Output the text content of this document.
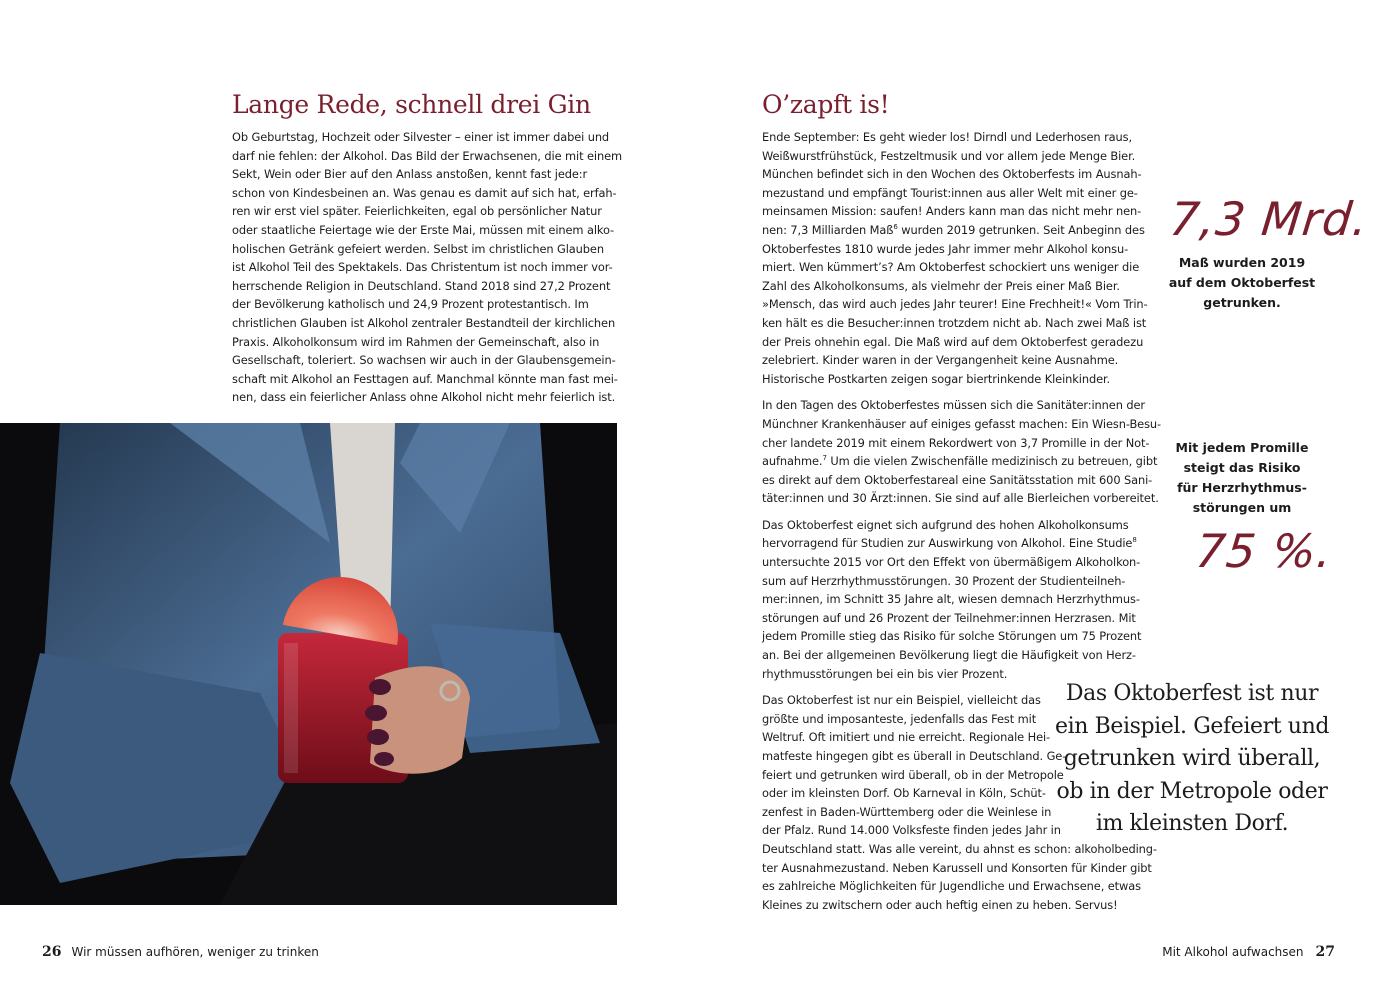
Lange Rede, schnell drei Gin
Ob Geburtstag, Hochzeit oder Silvester – einer ist immer dabei und
darf nie fehlen: der Alkohol. Das Bild der Erwachsenen, die mit einem
Sekt, Wein oder Bier auf den Anlass anstoßen, kennt fast jede:r
schon von Kindesbeinen an. Was genau es damit auf sich hat, erfah-
ren wir erst viel später. Feierlichkeiten, egal ob persönlicher Natur
oder staatliche Feiertage wie der Erste Mai, müssen mit einem alko-
holischen Getränk gefeiert werden. Selbst im christlichen Glauben
ist Alkohol Teil des Spektakels. Das Christentum ist noch immer vor-
herrschende Religion in Deutschland. Stand 2018 sind 27,2 Prozent
der Bevölkerung katholisch und 24,9 Prozent protestantisch. Im
christlichen Glauben ist Alkohol zentraler Bestandteil der kirchlichen
Praxis. Alkoholkonsum wird im Rahmen der Gemeinschaft, also in
Gesellschaft, toleriert. So wachsen wir auch in der Glaubensgemein-
schaft mit Alkohol an Festtagen auf. Manchmal könnte man fast mei-
nen, dass ein feierlicher Anlass ohne Alkohol nicht mehr feierlich ist.
26 Wir müssen aufhören, weniger zu trinken
O’zapft is!
Ende September: Es geht wieder los! Dirndl und Lederhosen raus,
Weißwurstfrühstück, Festzeltmusik und vor allem jede Menge Bier.
München befindet sich in den Wochen des Oktoberfests im Ausnah-
mezustand und empfängt Tourist:innen aus aller Welt mit einer ge-
meinsamen Mission: saufen! Anders kann man das nicht mehr nen-
nen: 7,3 Milliarden Maß$^6$ wurden 2019 getrunken. Seit Anbeginn des
Oktoberfestes 1810 wurde jedes Jahr immer mehr Alkohol konsu-
miert. Wen kümmert’s? Am Oktoberfest schockiert uns weniger die
Zahl des Alkoholkonsums, als vielmehr der Preis einer Maß Bier.
»Mensch, das wird auch jedes Jahr teurer! Eine Frechheit!« Vom Trin-
ken hält es die Besucher:innen trotzdem nicht ab. Nach zwei Maß ist
der Preis ohnehin egal. Die Maß wird auf dem Oktoberfest geradezu
zelebriert. Kinder waren in der Vergangenheit keine Ausnahme.
Historische Postkarten zeigen sogar biertrinkende Kleinkinder.
In den Tagen des Oktoberfestes müssen sich die Sanitäter:innen der
Münchner Krankenhäuser auf einiges gefasst machen: Ein Wiesn-Besu-
cher landete 2019 mit einem Rekordwert von 3,7 Promille in der Not-
aufnahme.$^7$ Um die vielen Zwischenfälle medizinisch zu betreuen, gibt
es direkt auf dem Oktoberfestareal eine Sanitätsstation mit 600 Sani-
täter:innen und 30 Ärzt:innen. Sie sind auf alle Bierleichen vorbereitet.
Das Oktoberfest eignet sich aufgrund des hohen Alkoholkonsums
hervorragend für Studien zur Auswirkung von Alkohol. Eine Studie$^8$
untersuchte 2015 vor Ort den Effekt von übermäßigem Alkoholkon-
sum auf Herzrhythmusstörungen. 30 Prozent der Studienteilneh-
mer:innen, im Schnitt 35 Jahre alt, wiesen demnach Herzrhythmus-
störungen auf und 26 Prozent der Teilnehmer:innen Herzrasen. Mit
jedem Promille stieg das Risiko für solche Störungen um 75 Prozent
an. Bei der allgemeinen Bevölkerung liegt die Häufigkeit von Herz-
rhythmusstörungen bei ein bis vier Prozent.
Das Oktoberfest ist nur ein Beispiel, vielleicht das
größte und imposanteste, jedenfalls das Fest mit
Weltruf. Oft imitiert und nie erreicht. Regionale Hei-
matfeste hingegen gibt es überall in Deutschland. Ge-
feiert und getrunken wird überall, ob in der Metropole
oder im kleinsten Dorf. Ob Karneval in Köln, Schüt-
zenfest in Baden-Württemberg oder die Weinlese in
der Pfalz. Rund 14.000 Volksfeste finden jedes Jahr in
Deutschland statt. Was alle vereint, du ahnst es schon: alkoholbeding-
ter Ausnahmezustand. Neben Karussell und Konsorten für Kinder gibt
es zahlreiche Möglichkeiten für Jugendliche und Erwachsene, etwas
Kleines zu zwitschern oder auch heftig einen zu heben. Servus!
7,3 Mrd.
Maß wurden 2019
auf dem Oktoberfest
getrunken.
Mit jedem Promille
steigt das Risiko
für Herzrhythmus-
störungen um
75 %.
Das Oktoberfest ist nur
ein Beispiel. Gefeiert und
getrunken wird überall,
ob in der Metropole oder
im kleinsten Dorf.
Mit Alkohol aufwachsen 27
